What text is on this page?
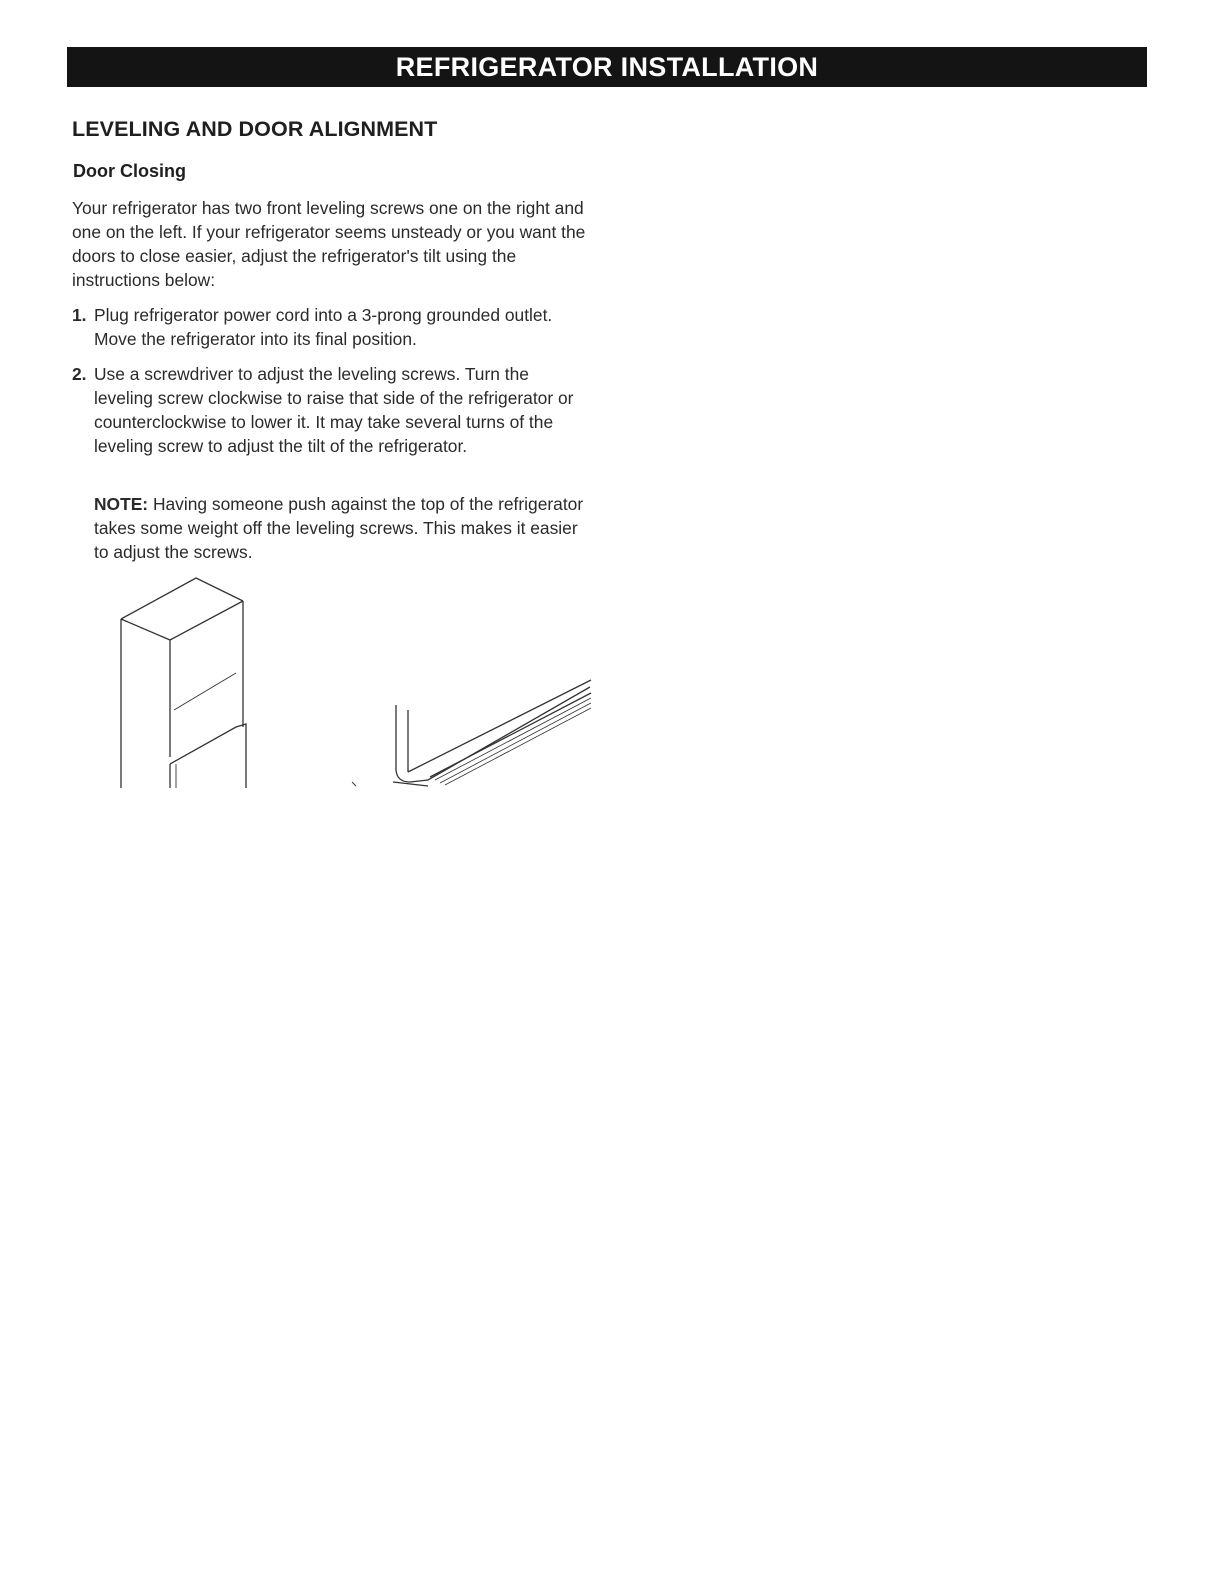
REFRIGERATOR INSTALLATION
LEVELING AND DOOR ALIGNMENT
Door Closing

Your refrigerator has two front leveling screws one on the right and one on the left. If your refrigerator seems unsteady or you want the doors to close easier, adjust the refrigerator's tilt using the instructions below:

1. Plug refrigerator power cord into a 3-prong grounded outlet. Move the refrigerator into its final position.
2. Use a screwdriver to adjust the leveling screws. Turn the leveling screw clockwise to raise that side of the refrigerator or counterclockwise to lower it. It may take several turns of the leveling screw to adjust the tilt of the refrigerator.

NOTE: Having someone push against the top of the refrigerator takes some weight off the leveling screws. This makes it easier to adjust the screws.
